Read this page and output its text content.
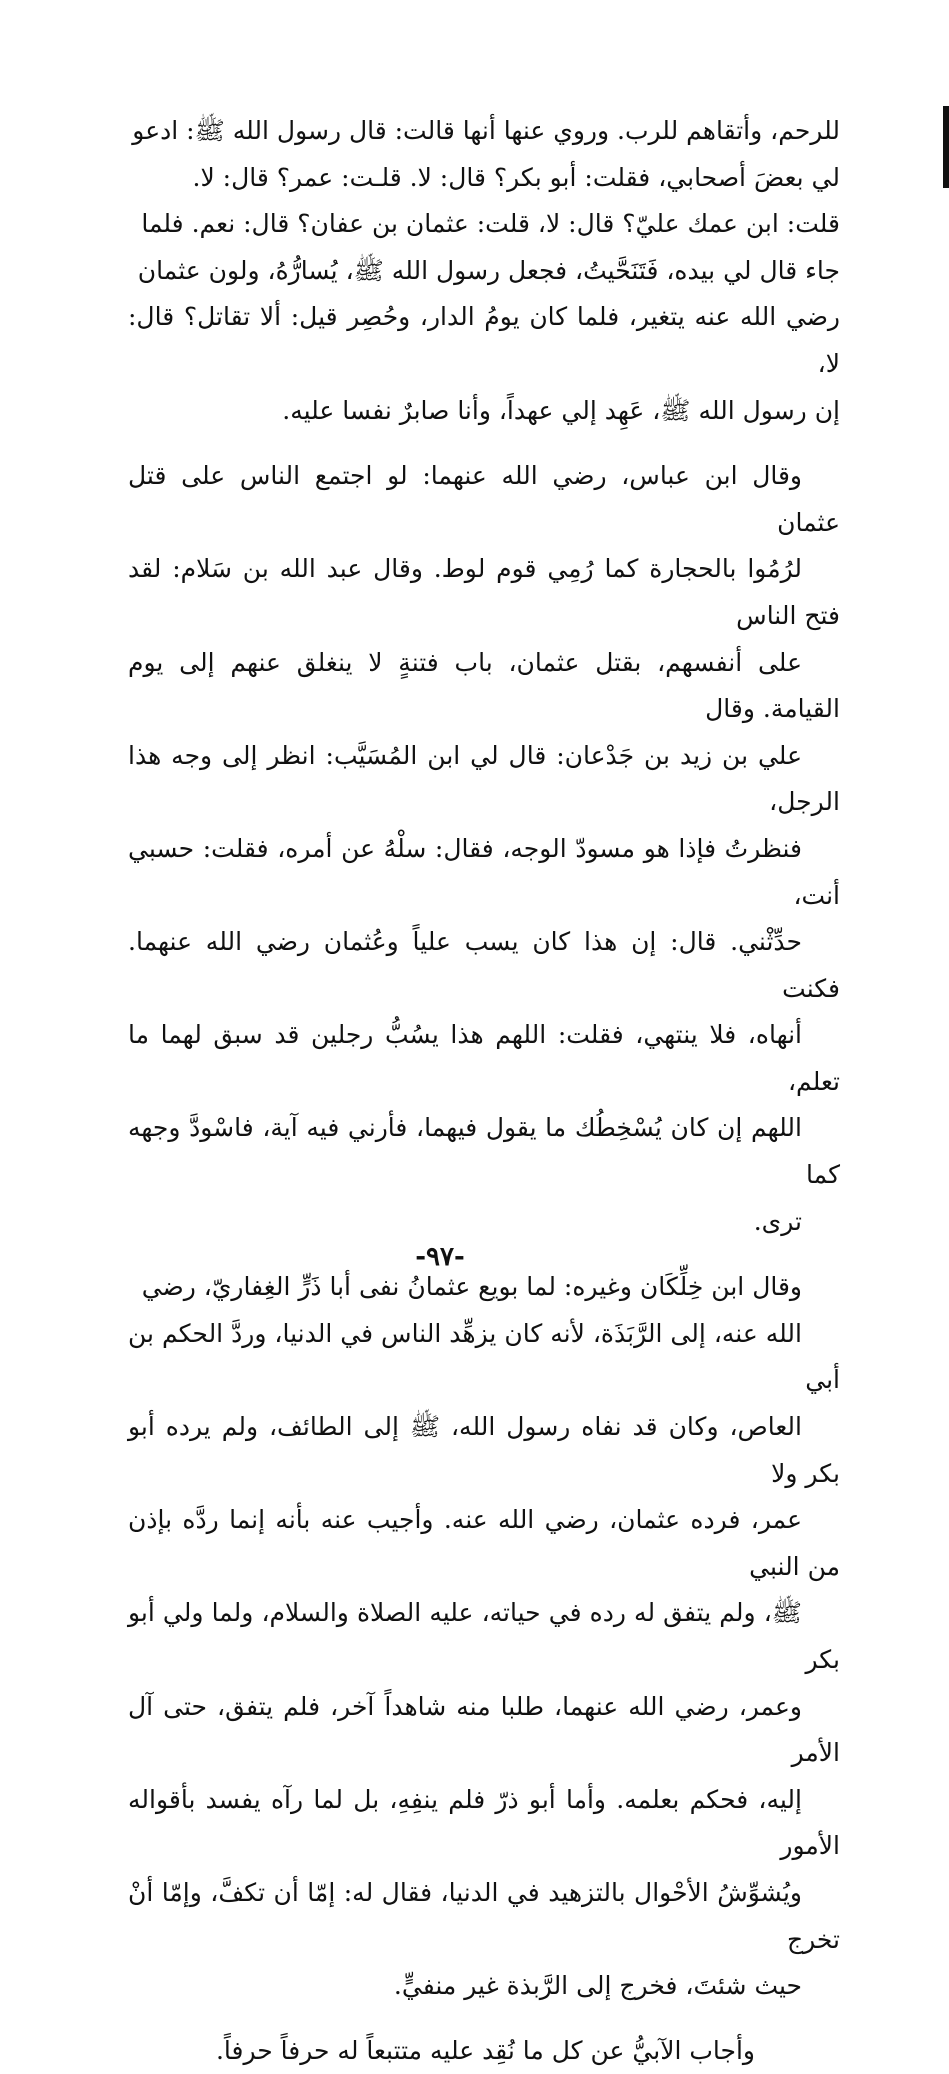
للرحم، وأتقاهم للرب. وروي عنها أنها قالت: قال رسول الله ﷺ: ادعو
لي بعضَ أصحابي، فقلت: أبو بكر؟ قال: لا. قلـت: عمر؟ قال: لا.
قلت: ابن عمك عليّ؟ قال: لا، قلت: عثمان بن عفان؟ قال: نعم. فلما
جاء قال لي بيده، فَتَنَحَّيتُ، فجعل رسول الله ﷺ، يُسارُّهُ، ولون عثمان
رضي الله عنه يتغير، فلما كان يومُ الدار، وحُصِر قيل: ألا تقاتل؟ قال: لا،
إن رسول الله ﷺ، عَهِد إلي عهداً، وأنا صابرٌ نفسا عليه.

وقال ابن عباس، رضي الله عنهما: لو اجتمع الناس على قتل عثمان
لرُمُوا بالحجارة كما رُمِي قوم لوط. وقال عبد الله بن سَلام: لقد فتح الناس
على أنفسهم، بقتل عثمان، باب فتنةٍ لا ينغلق عنهم إلى يوم القيامة. وقال
علي بن زيد بن جَدْعان: قال لي ابن المُسَيَّب: انظر إلى وجه هذا الرجل،
فنظرتُ فإذا هو مسودّ الوجه، فقال: سلْهُ عن أمره، فقلت: حسبي أنت،
حدِّثْني. قال: إن هذا كان يسب علياً وعُثمان رضي الله عنهما. فكنت
أنهاه، فلا ينتهي، فقلت: اللهم هذا يسُبُّ رجلين قد سبق لهما ما تعلم،
اللهم إن كان يُسْخِطُك ما يقول فيهما، فأرني فيه آية، فاسْودَّ وجهه كما
ترى.

وقال ابن خِلِّكَان وغيره: لما بويع عثمانُ نفى أبا ذَرٍّ الغِفاريّ، رضي
الله عنه، إلى الرَّبَذَة، لأنه كان يزهِّد الناس في الدنيا، وردَّ الحكم بن أبي
العاص، وكان قد نفاه رسول الله، ﷺ إلى الطائف، ولم يرده أبو بكر ولا
عمر، فرده عثمان، رضي الله عنه. وأجيب عنه بأنه إنما ردَّه بإذن من النبي
ﷺ، ولم يتفق له رده في حياته، عليه الصلاة والسلام، ولما ولي أبو بكر
وعمر، رضي الله عنهما، طلبا منه شاهداً آخر، فلم يتفق، حتى آل الأمر
إليه، فحكم بعلمه. وأما أبو ذرّ فلم ينفِهِ، بل لما رآه يفسد بأقواله الأمور
ويُشوِّشُ الأحْوال بالتزهيد في الدنيا، فقال له: إمّا أن تكفَّ، وإمّا أنْ تخرج
حيث شئتَ، فخرج إلى الرَّبذة غير منفيٍّ.

وأجاب الآبيُّ عن كل ما نُقِد عليه متتبعاً له حرفاً حرفاً.

-٩٧-
